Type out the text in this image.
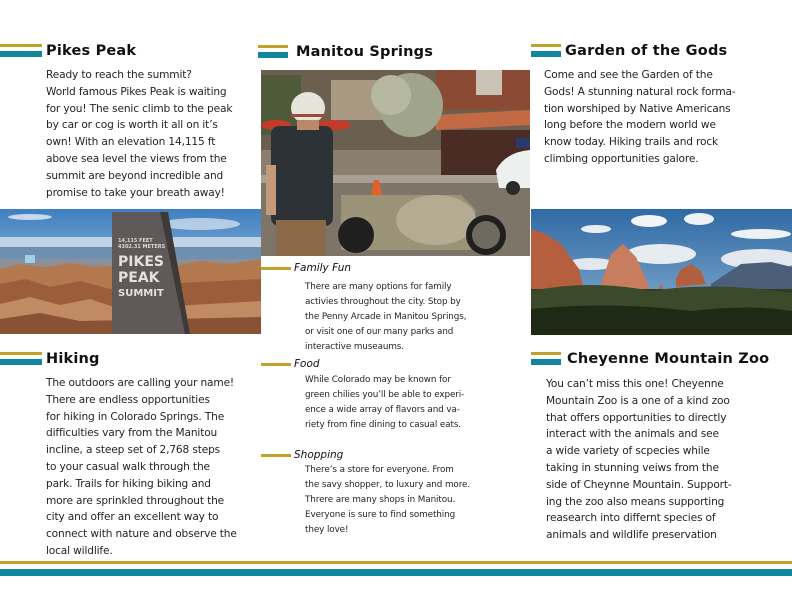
Pikes Peak
Ready to reach the summit?
World famous Pikes Peak is waiting
for you! The senic climb to the peak
by car or cog is worth it all on it’s
own! With an elevation 14,115 ft
above sea level the views from the
summit are beyond incredible and
promise to take your breath away!
14,115 FEET
4302.31 METERS
PIKES
PEAK
SUMMIT
Hiking
The outdoors are calling your name!
There are endless opportunities
for hiking in Colorado Springs. The
difficulties vary from the Manitou
incline, a steep set of 2,768 steps
to your casual walk through the
park. Trails for hiking biking and
more are sprinkled throughout the
city and offer an excellent way to
connect with nature and observe the
local wildlife.
Manitou Springs
Family Fun
There are many options for family
activies throughout the city. Stop by
the Penny Arcade in Manitou Springs,
or visit one of our many parks and
interactive museaums.
Food
While Colorado may be known for
green chilies you’ll be able to experi-
ence a wide array of flavors and va-
riety from fine dining to casual eats.
Shopping
There’s a store for everyone. From
the savy shopper, to luxury and more.
Threre are many shops in Manitou.
Everyone is sure to find something
they love!
Garden of the Gods
Come and see the Garden of the
Gods! A stunning natural rock forma-
tion worshiped by Native Americans
long before the modern world we
know today. Hiking trails and rock
climbing opportunities galore.
Cheyenne Mountain Zoo
You can’t miss this one! Cheyenne
Mountain Zoo is a one of a kind zoo
that offers opportunities to directly
interact with the animals and see
a wide variety of scpecies while
taking in stunning veiws from the
side of Cheynne Mountain. Support-
ing the zoo also means supporting
reasearch into differnt species of
animals and wildlife preservation
